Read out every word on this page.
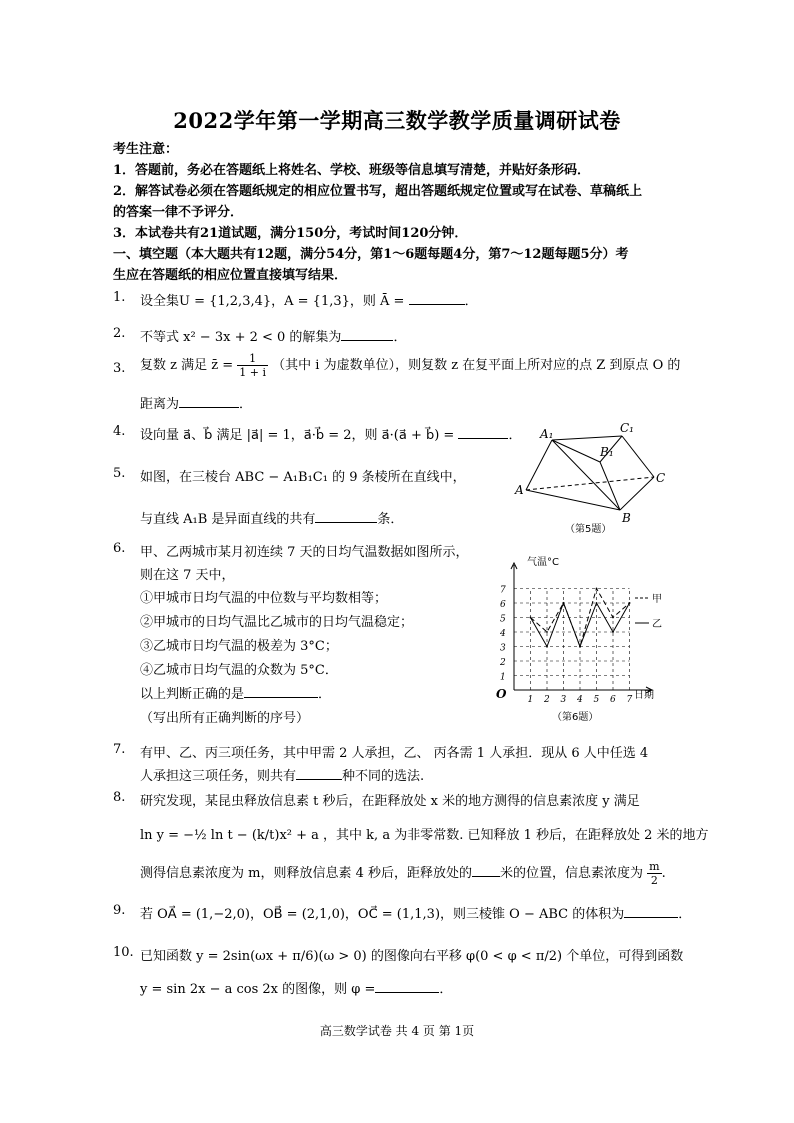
2022学年第一学期高三数学教学质量调研试卷
考生注意：
1．答题前，务必在答题纸上将姓名、学校、班级等信息填写清楚，并贴好条形码．
2．解答试卷必须在答题纸规定的相应位置书写，超出答题纸规定位置或写在试卷、草稿纸上
的答案一律不予评分．
3．本试卷共有21道试题，满分150分，考试时间120分钟．
一、填空题（本大题共有12题，满分54分，第1～6题每题4分，第7～12题每题5分）考
生应在答题纸的相应位置直接填写结果．
1. 设全集U = {1,2,3,4}，A = {1,3}，则 Ā =	．
2. 不等式 x² − 3x + 2 < 0 的解集为	．
3. 复数 z 满足 z̄ = $\frac{1}{1 + i}$ （其中 i 为虚数单位），则复数 z 在复平面上所对应的点 Z 到原点 O 的
距离为	．
4. 设向量 a⃗、b⃗ 满足 |a⃗| = 1，a⃗·b⃗ = 2，则 a⃗·(a⃗ + b⃗) =	．
5. 如图，在三棱台 ABC − A₁B₁C₁ 的 9 条棱所在直线中，
与直线 A₁B 是异面直线的共有	条．
A₁	C₁
B₁
A
C
B
（第5题）
6. 甲、乙两城市某月初连续 7 天的日均气温数据如图所示，
则在这 7 天中，
①甲城市日均气温的中位数与平均数相等；
②甲城市的日均气温比乙城市的日均气温稳定；
③乙城市日均气温的极差为 3°C；
④乙城市日均气温的众数为 5°C．
以上判断正确的是	．
（写出所有正确判断的序号）
气温°C
日期
O
甲
乙
（第6题）
1
2
3
4
5
6
7
1 2 3 4 5 6 7
7. 有甲、乙、丙三项任务，其中甲需 2 人承担，乙、 丙各需 1 人承担．现从 6 人中任选 4
人承担这三项任务，则共有	种不同的选法.
8. 研究发现，某昆虫释放信息素 t 秒后，在距释放处 x 米的地方测得的信息素浓度 y 满足
ln y = −½ ln t − (k/t)x² + a ，其中 k, a 为非零常数. 已知释放 1 秒后，在距释放处 2 米的地方
测得信息素浓度为 m，则释放信息素 4 秒后，距释放处的 米的位置，信息素浓度为 $\frac{m}{2}$ .
9. 若 OA⃗ = (1,−2,0)，OB⃗ = (2,1,0)，OC⃗ = (1,1,3)，则三棱锥 O − ABC 的体积为	．
10. 已知函数 y = 2sin(ωx + π/6)(ω > 0) 的图像向右平移 φ(0 < φ < π/2) 个单位，可得到函数
y = sin 2x − a cos 2x 的图像，则 φ =	．
高三数学试卷 共 4 页 第 1页
